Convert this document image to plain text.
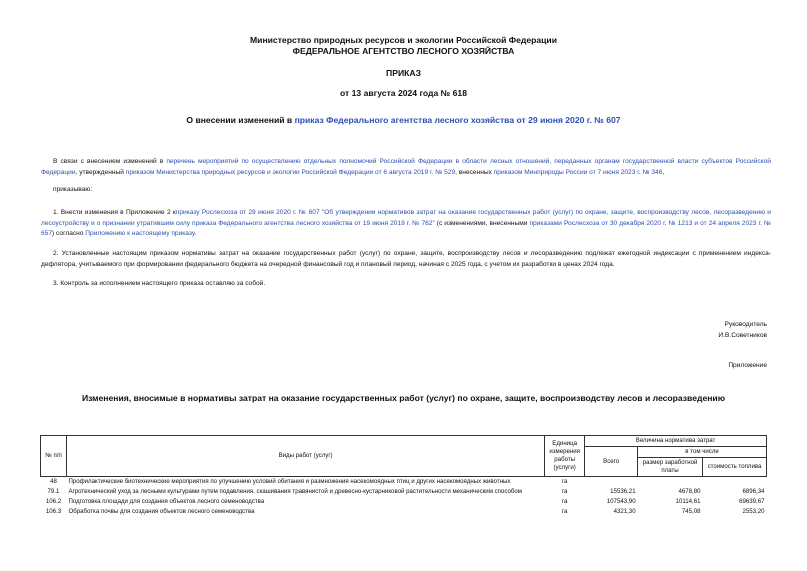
Министерство природных ресурсов и экологии Российской Федерации
ФЕДЕРАЛЬНОЕ АГЕНТСТВО ЛЕСНОГО ХОЗЯЙСТВА
ПРИКАЗ
от 13 августа 2024 года № 618
О внесении изменений в приказ Федерального агентства лесного хозяйства от 29 июня 2020 г. № 607
В связи с внесением изменений в перечень мероприятий по осуществлению отдельных полномочий Российской Федерации в области лесных отношений, переданных органам государственной власти субъектов Российской Федерации, утвержденный приказом Министерства природных ресурсов и экологии Российской Федерации от 6 августа 2019 г. № 529, внесенных приказом Минприроды России от 7 июня 2023 г. № 346,
приказываю:
1. Внести изменения в Приложение 2 кприказу Рослесхоза от 29 июня 2020 г. № 607 "Об утверждении нормативов затрат на оказание государственных работ (услуг) по охране, защите, воспроизводству лесов, лесоразведению и лесоустройству и о признании утратившим силу приказа Федерального агентства лесного хозяйства от 19 июня 2019 г. № 762" (с изменениями, внесенными приказами Рослесхоза от 30 декабря 2020 г. № 1213 и от 24 апреля 2023 г. № 657) согласно Приложению к настоящему приказу.
2. Установленные настоящим приказом нормативы затрат на оказание государственных работ (услуг) по охране, защите, воспроизводству лесов и лесоразведению подлежат ежегодной индексации с применением индекса-дефлятора, учитываемого при формировании федерального бюджета на очередной финансовый год и плановый период, начиная с 2025 года, с учетом их разработки в ценах 2024 года.
3. Контроль за исполнением настоящего приказа оставляю за собой.
Руководитель
И.В.Советников
Приложение
Изменения, вносимые в нормативы затрат на оказание государственных работ (услуг) по охране, защите, воспроизводству лесов и лесоразведению
№ п/п	Виды работ (услуг)	Единица измерения работы (услуги)	Величина норматива затрат		
			Всего	в том числе	
				размер заработной платы	стоимость топлива
48	Профилактические биотехнические мероприятия по улучшению условий обитания и размножения насекомоядных птиц и других насекомоядных животных	га			
79.1	Агротехнический уход за лесными культурами путем подавления, скашивания травянистой и древесно-кустарниковой растительности механическим способом	га	15536,21	4678,80	6896,34
106.2	Подготовка площади для создания объектов лесного семеноводства	га	107543,90	10114,61	69639,67
106.3	Обработка почвы для создания объектов лесного семеноводства	га	4321,30	745,08	2553,20
